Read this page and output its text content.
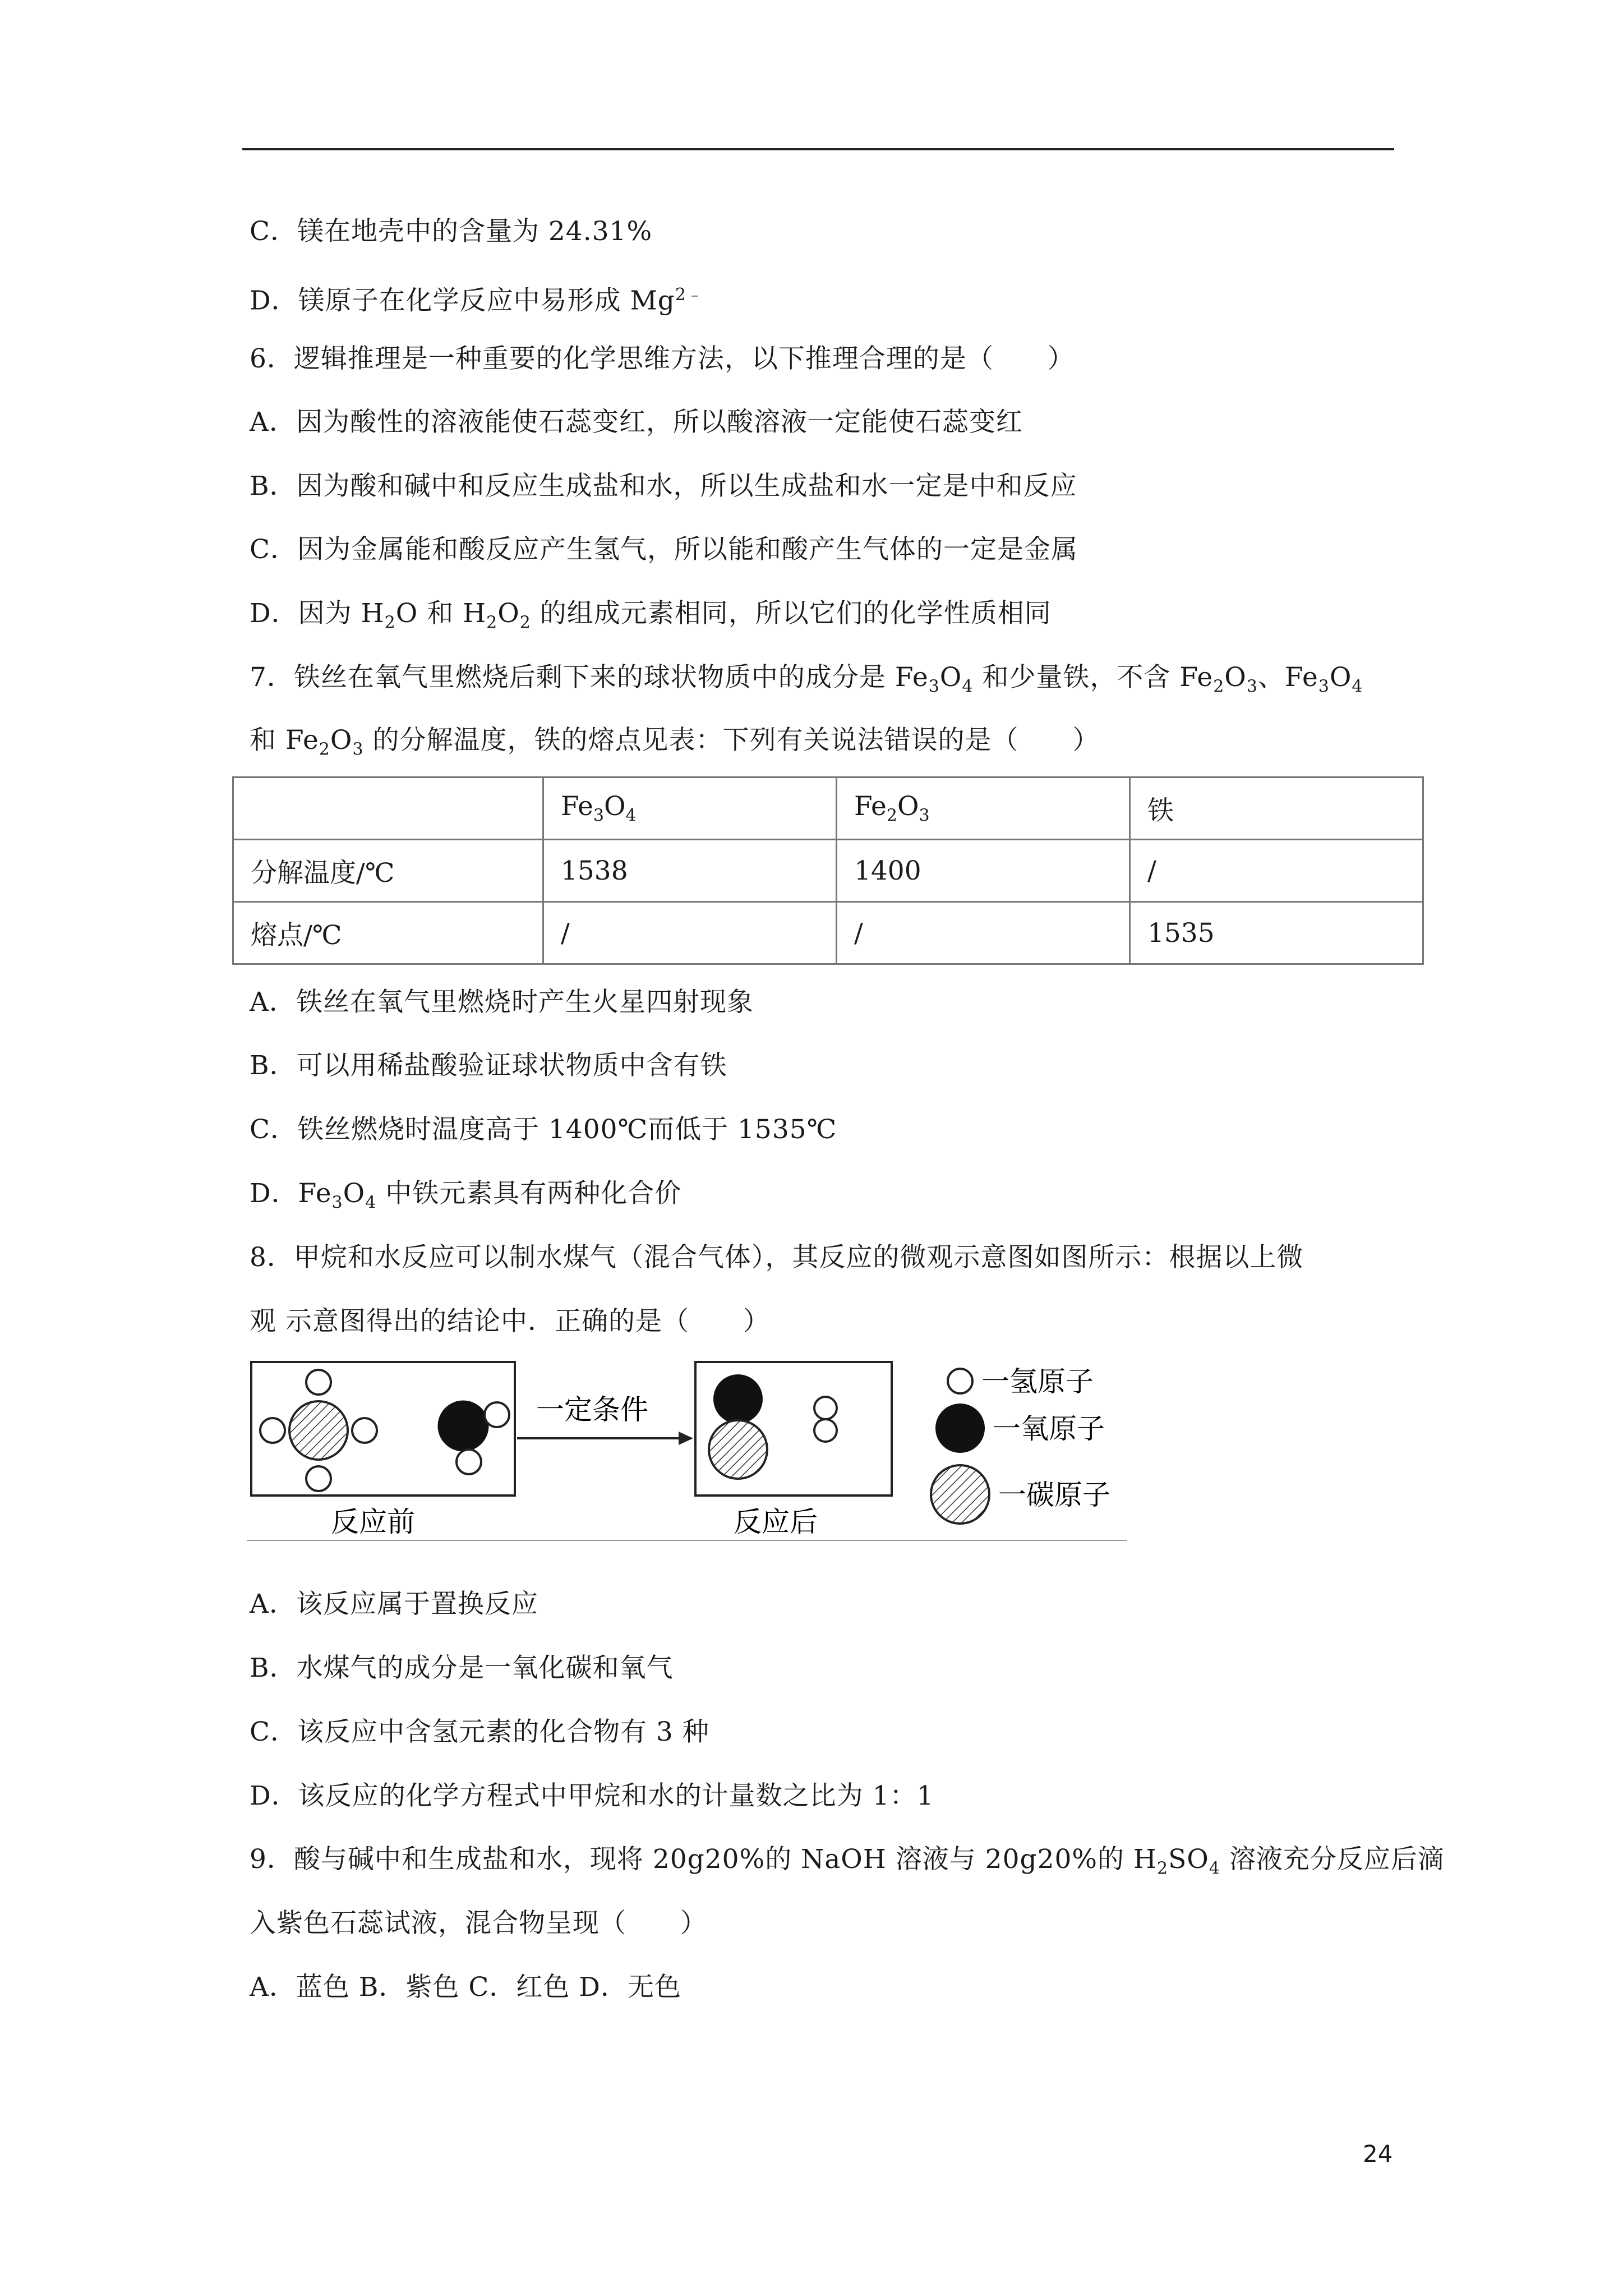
C．镁在地壳中的含量为 24.31%
D．镁原子在化学反应中易形成 $Mg^{2﹣}$
6．逻辑推理是一种重要的化学思维方法，以下推理合理的是（　　）
A．因为酸性的溶液能使石蕊变红，所以酸溶液一定能使石蕊变红
B．因为酸和碱中和反应生成盐和水，所以生成盐和水一定是中和反应
C．因为金属能和酸反应产生氢气，所以能和酸产生气体的一定是金属
D．因为 $H_2O$ 和 $H_2O_2$ 的组成元素相同，所以它们的化学性质相同
7．铁丝在氧气里燃烧后剩下来的球状物质中的成分是 $Fe_3O_4$ 和少量铁，不含 $Fe_2O_3$、$Fe_3O_4$
和 $Fe_2O_3$ 的分解温度，铁的熔点见表：下列有关说法错误的是（　　）
	$Fe_3O_4$	$Fe_2O_3$	铁
分解温度/℃	1538	1400	/
熔点/℃	/	/	1535
A．铁丝在氧气里燃烧时产生火星四射现象
B．可以用稀盐酸验证球状物质中含有铁
C．铁丝燃烧时温度高于 1400℃而低于 1535℃
D．$Fe_3O_4$ 中铁元素具有两种化合价
8．甲烷和水反应可以制水煤气（混合气体），其反应的微观示意图如图所示：根据以上微
观 示意图得出的结论中．正确的是（　　）
一定条件
一氢原子
一氧原子
一碳原子
反应前	反应后
A．该反应属于置换反应
B．水煤气的成分是一氧化碳和氧气
C．该反应中含氢元素的化合物有 3 种
D．该反应的化学方程式中甲烷和水的计量数之比为 1：1
9．酸与碱中和生成盐和水，现将 20g20%的 NaOH 溶液与 20g20%的 $H_2SO_4$ 溶液充分反应后滴
入紫色石蕊试液，混合物呈现（　　）
A．蓝色 B．紫色 C．红色 D．无色
24
